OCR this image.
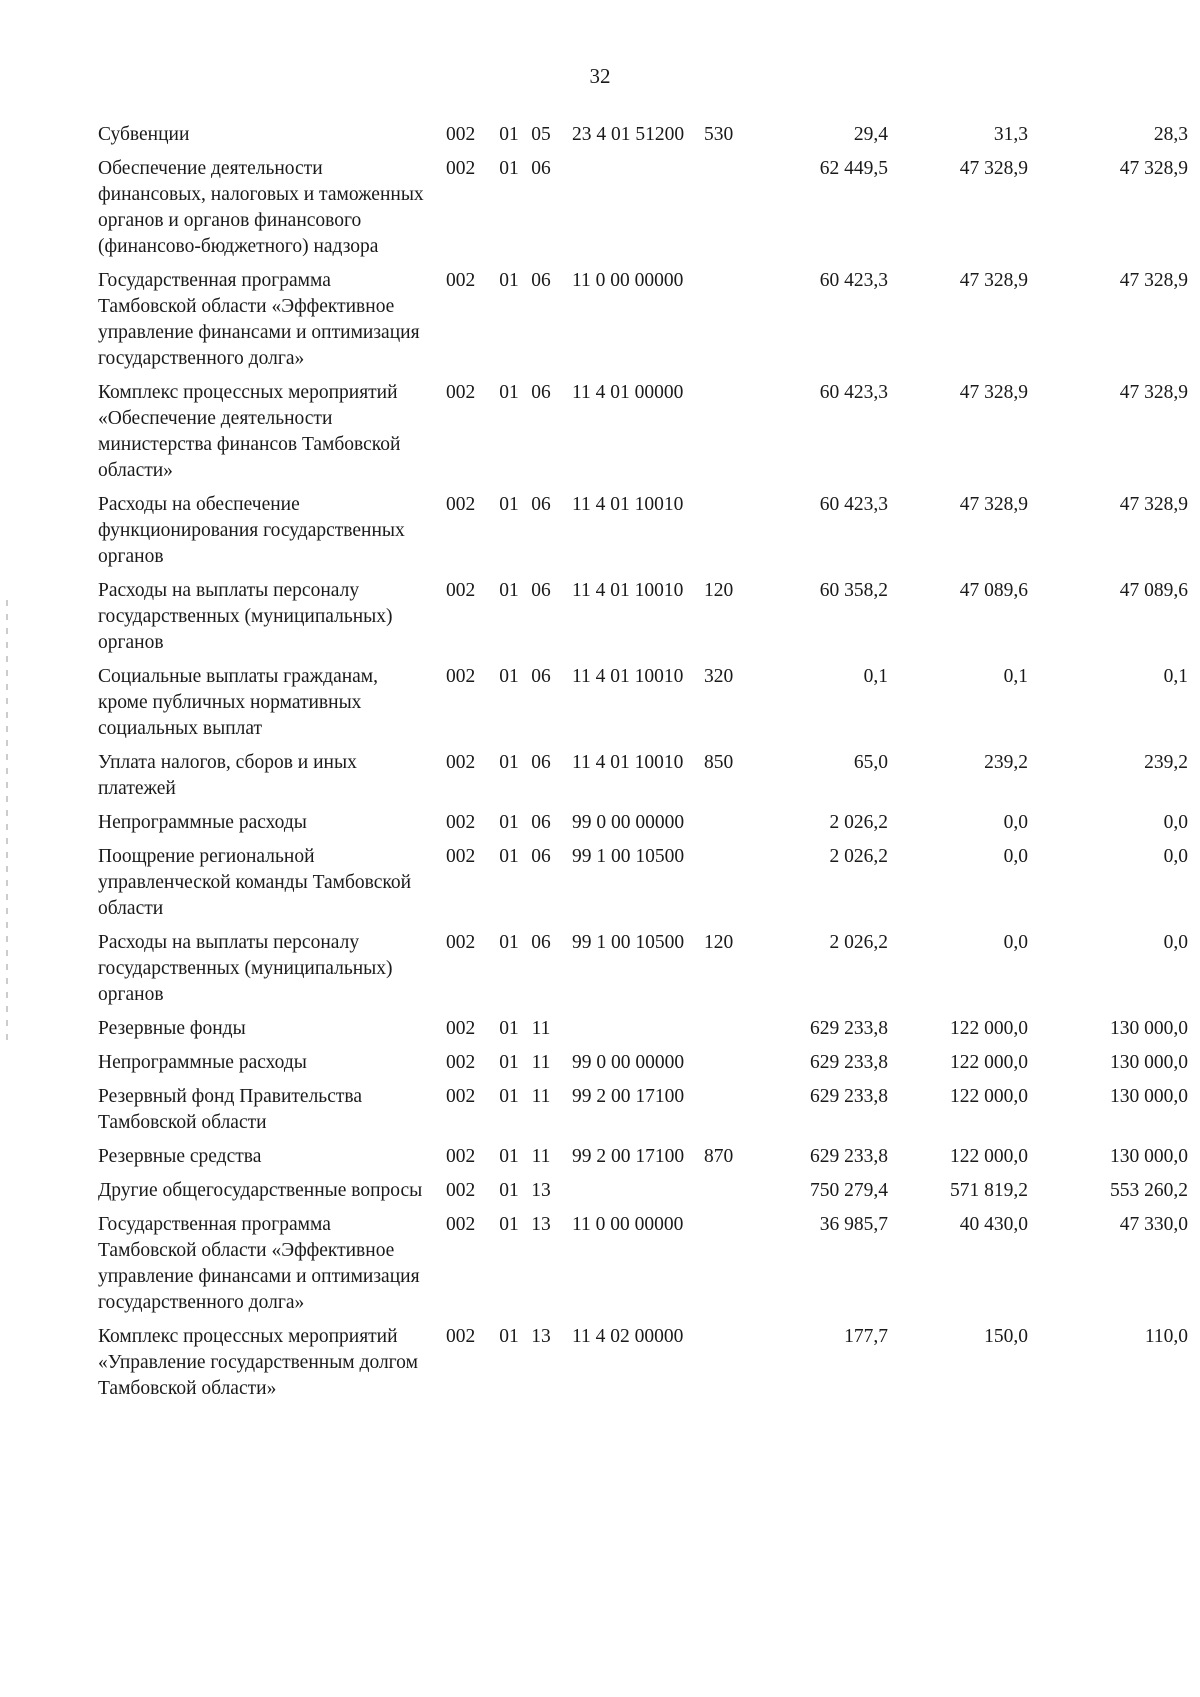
32
Субвенции	002	01	05	23 4 01 51200	530	29,4	31,3	28,3
Обеспечение деятельности финансовых, налоговых и таможенных органов и органов финансового (финансово-бюджетного) надзора	002	01	06			62 449,5	47 328,9	47 328,9
Государственная программа Тамбовской области «Эффективное управление финансами и оптимизация государственного долга»	002	01	06	11 0 00 00000		60 423,3	47 328,9	47 328,9
Комплекс процессных мероприятий «Обеспечение деятельности министерства финансов Тамбовской области»	002	01	06	11 4 01 00000		60 423,3	47 328,9	47 328,9
Расходы на обеспечение функционирования государственных органов	002	01	06	11 4 01 10010		60 423,3	47 328,9	47 328,9
Расходы на выплаты персоналу государственных (муниципальных) органов	002	01	06	11 4 01 10010	120	60 358,2	47 089,6	47 089,6
Социальные выплаты гражданам, кроме публичных нормативных социальных выплат	002	01	06	11 4 01 10010	320	0,1	0,1	0,1
Уплата налогов, сборов и иных платежей	002	01	06	11 4 01 10010	850	65,0	239,2	239,2
Непрограммные расходы	002	01	06	99 0 00 00000		2 026,2	0,0	0,0
Поощрение региональной управленческой команды Тамбовской области	002	01	06	99 1 00 10500		2 026,2	0,0	0,0
Расходы на выплаты персоналу государственных (муниципальных) органов	002	01	06	99 1 00 10500	120	2 026,2	0,0	0,0
Резервные фонды	002	01	11			629 233,8	122 000,0	130 000,0
Непрограммные расходы	002	01	11	99 0 00 00000		629 233,8	122 000,0	130 000,0
Резервный фонд Правительства Тамбовской области	002	01	11	99 2 00 17100		629 233,8	122 000,0	130 000,0
Резервные средства	002	01	11	99 2 00 17100	870	629 233,8	122 000,0	130 000,0
Другие общегосударственные вопросы	002	01	13			750 279,4	571 819,2	553 260,2
Государственная программа Тамбовской области «Эффективное управление финансами и оптимизация государственного долга»	002	01	13	11 0 00 00000		36 985,7	40 430,0	47 330,0
Комплекс процессных мероприятий «Управление государственным долгом Тамбовской области»	002	01	13	11 4 02 00000		177,7	150,0	110,0
